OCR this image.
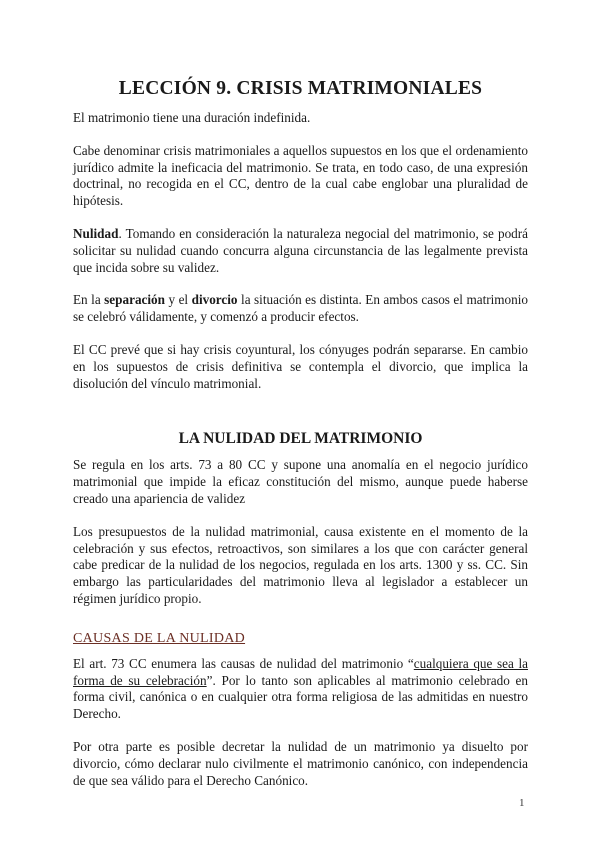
LECCIÓN 9. CRISIS MATRIMONIALES

El matrimonio tiene una duración indefinida.

Cabe denominar crisis matrimoniales a aquellos supuestos en los que el ordenamiento jurídico admite la ineficacia del matrimonio. Se trata, en todo caso, de una expresión doctrinal, no recogida en el CC, dentro de la cual cabe englobar una pluralidad de hipótesis.

Nulidad. Tomando en consideración la naturaleza negocial del matrimonio, se podrá solicitar su nulidad cuando concurra alguna circunstancia de las legalmente prevista que incida sobre su validez.

En la separación y el divorcio la situación es distinta. En ambos casos el matrimonio se celebró válidamente, y comenzó a producir efectos.

El CC prevé que si hay crisis coyuntural, los cónyuges podrán separarse. En cambio en los supuestos de crisis definitiva se contempla el divorcio, que implica la disolución del vínculo matrimonial.

LA NULIDAD DEL MATRIMONIO

Se regula en los arts. 73 a 80 CC y supone una anomalía en el negocio jurídico matrimonial que impide la eficaz constitución del mismo, aunque puede haberse creado una apariencia de validez

Los presupuestos de la nulidad matrimonial, causa existente en el momento de la celebración y sus efectos, retroactivos, son similares a los que con carácter general cabe predicar de la nulidad de los negocios, regulada en los arts. 1300 y ss. CC. Sin embargo las particularidades del matrimonio lleva al legislador a establecer un régimen jurídico propio.

CAUSAS DE LA NULIDAD

El art. 73 CC enumera las causas de nulidad del matrimonio “cualquiera que sea la forma de su celebración”. Por lo tanto son aplicables al matrimonio celebrado en forma civil, canónica o en cualquier otra forma religiosa de las admitidas en nuestro Derecho.

Por otra parte es posible decretar la nulidad de un matrimonio ya disuelto por divorcio, cómo declarar nulo civilmente el matrimonio canónico, con independencia de que sea válido para el Derecho Canónico.

1
